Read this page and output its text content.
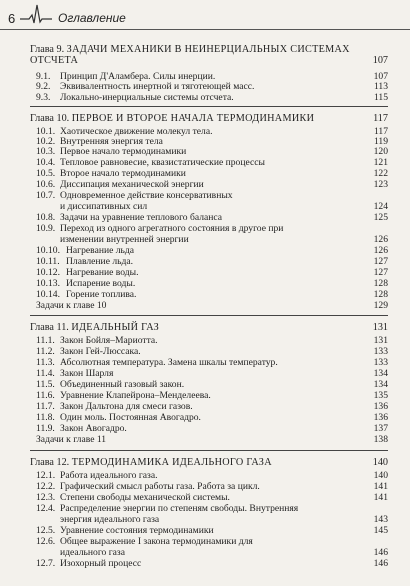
6	Оглавление
Глава 9. ЗАДАЧИ МЕХАНИКИ В НЕИНЕРЦИАЛЬНЫХ СИСТЕМАХ ОТСЧЕТА	107
9.1. Принцип Д'Аламбера. Силы инерции.	107
9.2. Эквивалентность инертной и тяготеющей масс.	113
9.3. Локально-инерциальные системы отсчета.	115
Глава 10. ПЕРВОЕ И ВТОРОЕ НАЧАЛА ТЕРМОДИНАМИКИ	117
10.1. Хаотическое движение молекул тела.	117
10.2. Внутренняя энергия тела	119
10.3. Первое начало термодинамики	120
10.4. Тепловое равновесие, квазистатические процессы	121
10.5. Второе начало термодинамики	122
10.6. Диссипация механической энергии	123
10.7. Одновременное действие консервативных и диссипативных сил	124
10.8. Задачи на уравнение теплового баланса	125
10.9. Переход из одного агрегатного состояния в другое при изменении внутренней энергии	126
10.10. Нагревание льда	126
10.11. Плавление льда.	127
10.12. Нагревание воды.	127
10.13. Испарение воды.	128
10.14. Горение топлива.	128
Задачи к главе 10	129
Глава 11. ИДЕАЛЬНЫЙ ГАЗ	131
11.1. Закон Бойля–Мариотта.	131
11.2. Закон Гей-Люссака.	133
11.3. Абсолютная температура. Замена шкалы температур.	133
11.4. Закон Шарля	134
11.5. Объединенный газовый закон.	134
11.6. Уравнение Клапейрона–Менделеева.	135
11.7. Закон Дальтона для смеси газов.	136
11.8. Один моль. Постоянная Авогадро.	136
11.9. Закон Авогадро.	137
Задачи к главе 11	138
Глава 12. ТЕРМОДИНАМИКА ИДЕАЛЬНОГО ГАЗА	140
12.1. Работа идеального газа.	140
12.2. Графический смысл работы газа. Работа за цикл.	141
12.3. Степени свободы механической системы.	141
12.4. Распределение энергии по степеням свободы. Внутренняя энергия идеального газа	143
12.5. Уравнение состояния термодинамики	145
12.6. Общее выражение I закона термодинамики для идеального газа	146
12.7. Изохорный процесс	146
